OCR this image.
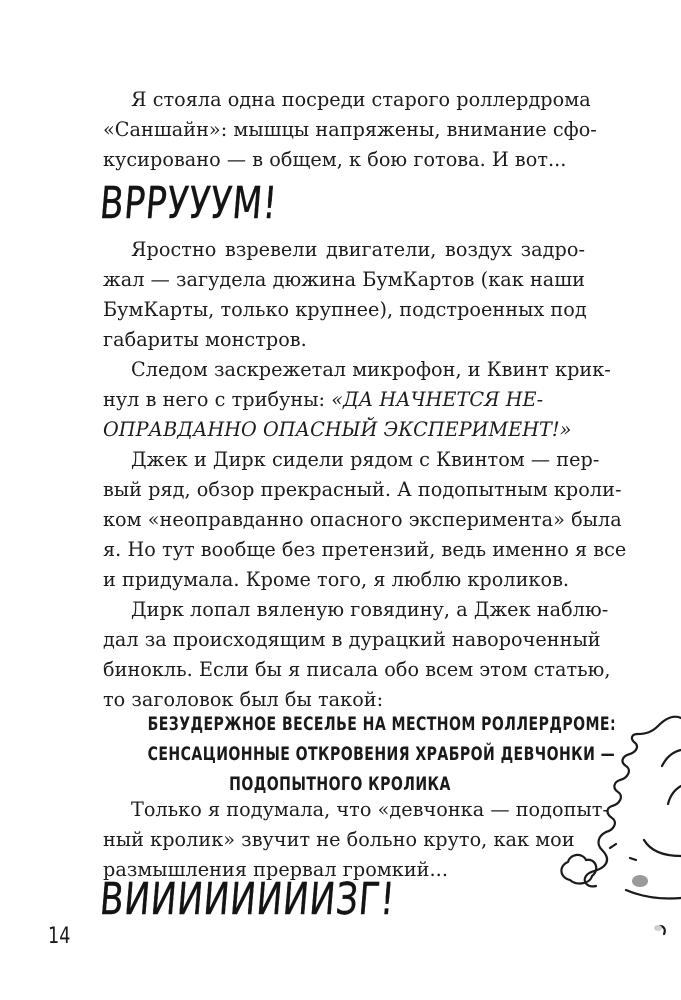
Я стояла одна посреди старого роллердрома
«Саншайн»: мышцы напряжены, внимание сфо-
кусировано — в общем, к бою готова. И вот...
ВРРУУУМ!
Яростно взревели двигатели, воздух задро-
жал — загудела дюжина БумКартов (как наши
БумКарты, только крупнее), подстроенных под
габариты монстров.
Следом заскрежетал микрофон, и Квинт крик-
нул в него с трибуны: «ДА НАЧНЕТСЯ НЕ-
ОПРАВДАННО ОПАСНЫЙ ЭКСПЕРИМЕНТ!»
Джек и Дирк сидели рядом с Квинтом — пер-
вый ряд, обзор прекрасный. А подопытным кроли-
ком «неоправданно опасного эксперимента» была
я. Но тут вообще без претензий, ведь именно я все
и придумала. Кроме того, я люблю кроликов.
Дирк лопал вяленую говядину, а Джек наблю-
дал за происходящим в дурацкий навороченный
бинокль. Если бы я писала обо всем этом статью,
то заголовок был бы такой:
БЕЗУДЕРЖНОЕ ВЕСЕЛЬЕ НА МЕСТНОМ РОЛЛЕРДРОМЕ:
СЕНСАЦИОННЫЕ ОТКРОВЕНИЯ ХРАБРОЙ ДЕВЧОНКИ —
ПОДОПЫТНОГО КРОЛИКА
Только я подумала, что «девчонка — подопыт-
ный кролик» звучит не больно круто, как мои
размышления прервал громкий...
ВИИИИИИИИЗГ!
14
